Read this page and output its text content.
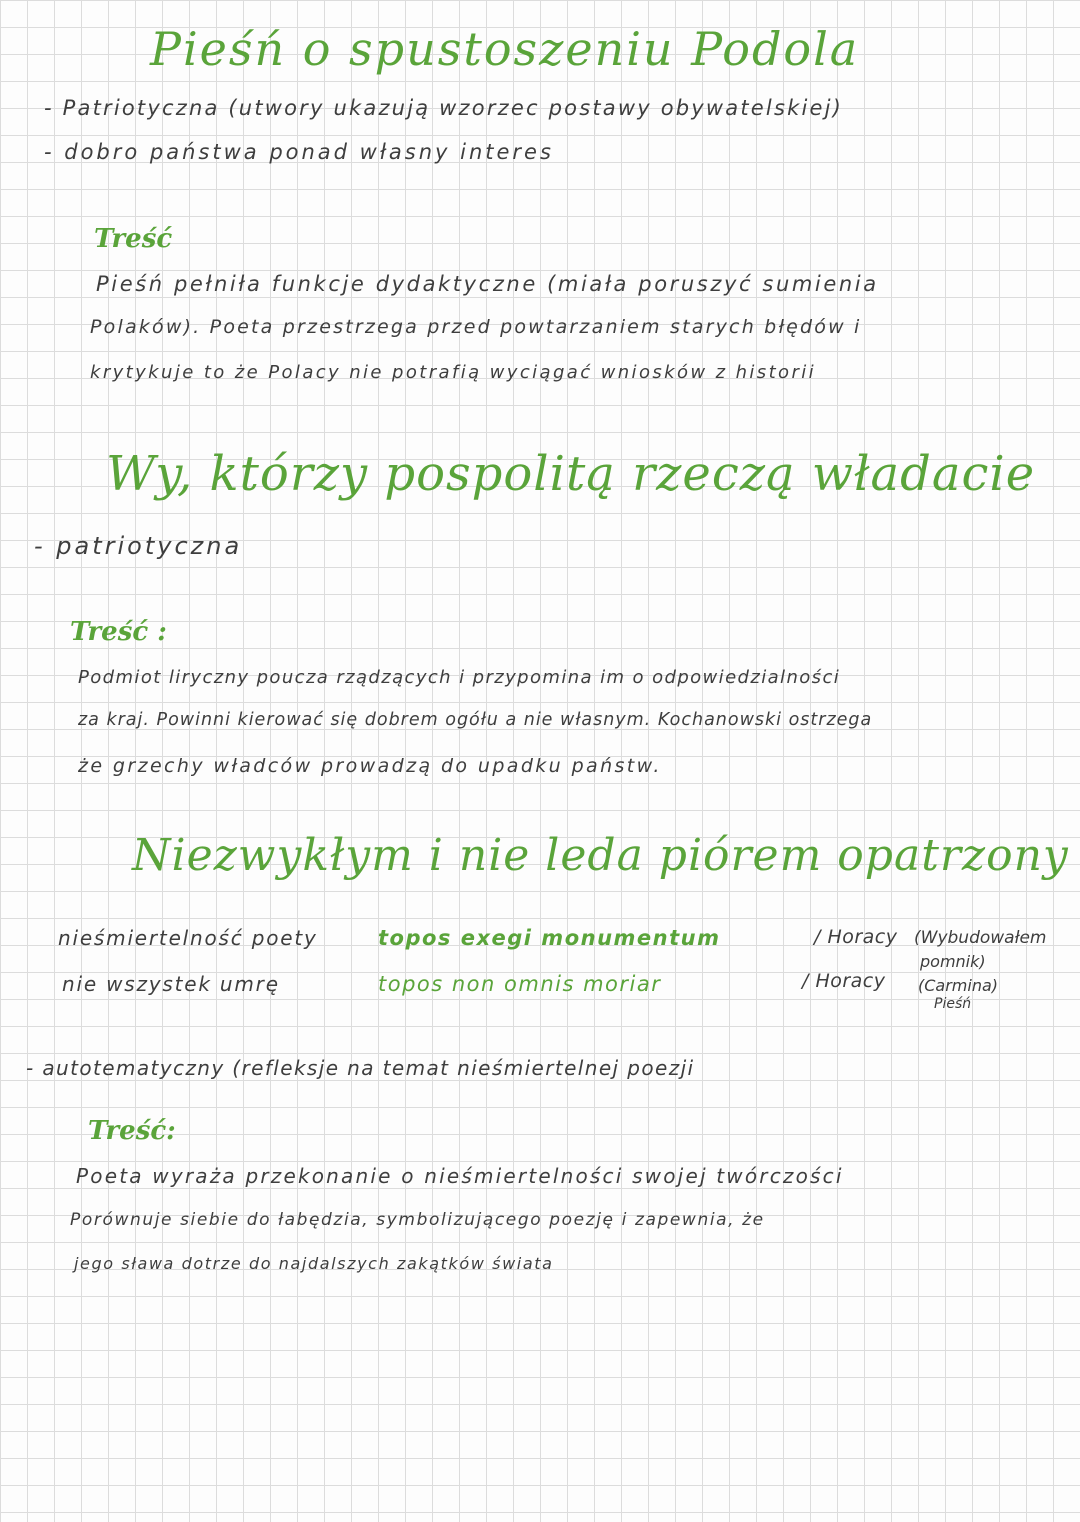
Pieśń o spustoszeniu Podola
- Patriotyczna (utwory ukazują wzorzec postawy obywatelskiej)
- dobro państwa ponad własny interes
Treść
Pieśń pełniła funkcje dydaktyczne (miała poruszyć sumienia
Polaków). Poeta przestrzega przed powtarzaniem starych błędów i
krytykuje to że Polacy nie potrafią wyciągać wniosków z historii
Wy, którzy pospolitą rzeczą władacie
- patriotyczna
Treść :
Podmiot liryczny poucza rządzących i przypomina im o odpowiedzialności
za kraj. Powinni kierować się dobrem ogółu a nie własnym. Kochanowski ostrzega
że grzechy władców prowadzą do upadku państw.
Niezwykłym i nie leda piórem opatrzony
nieśmiertelność poety	topos exegi monumentum	/ Horacy (Wybudowałem
pomnik)
nie wszystek umrę	topos non omnis moriar	/ Horacy (Carmina)
Pieśń
- autotematyczny (refleksje na temat nieśmiertelnej poezji
Treść:
Poeta wyraża przekonanie o nieśmiertelności swojej twórczości
Porównuje siebie do łabędzia, symbolizującego poezję i zapewnia, że
jego sława dotrze do najdalszych zakątków świata
